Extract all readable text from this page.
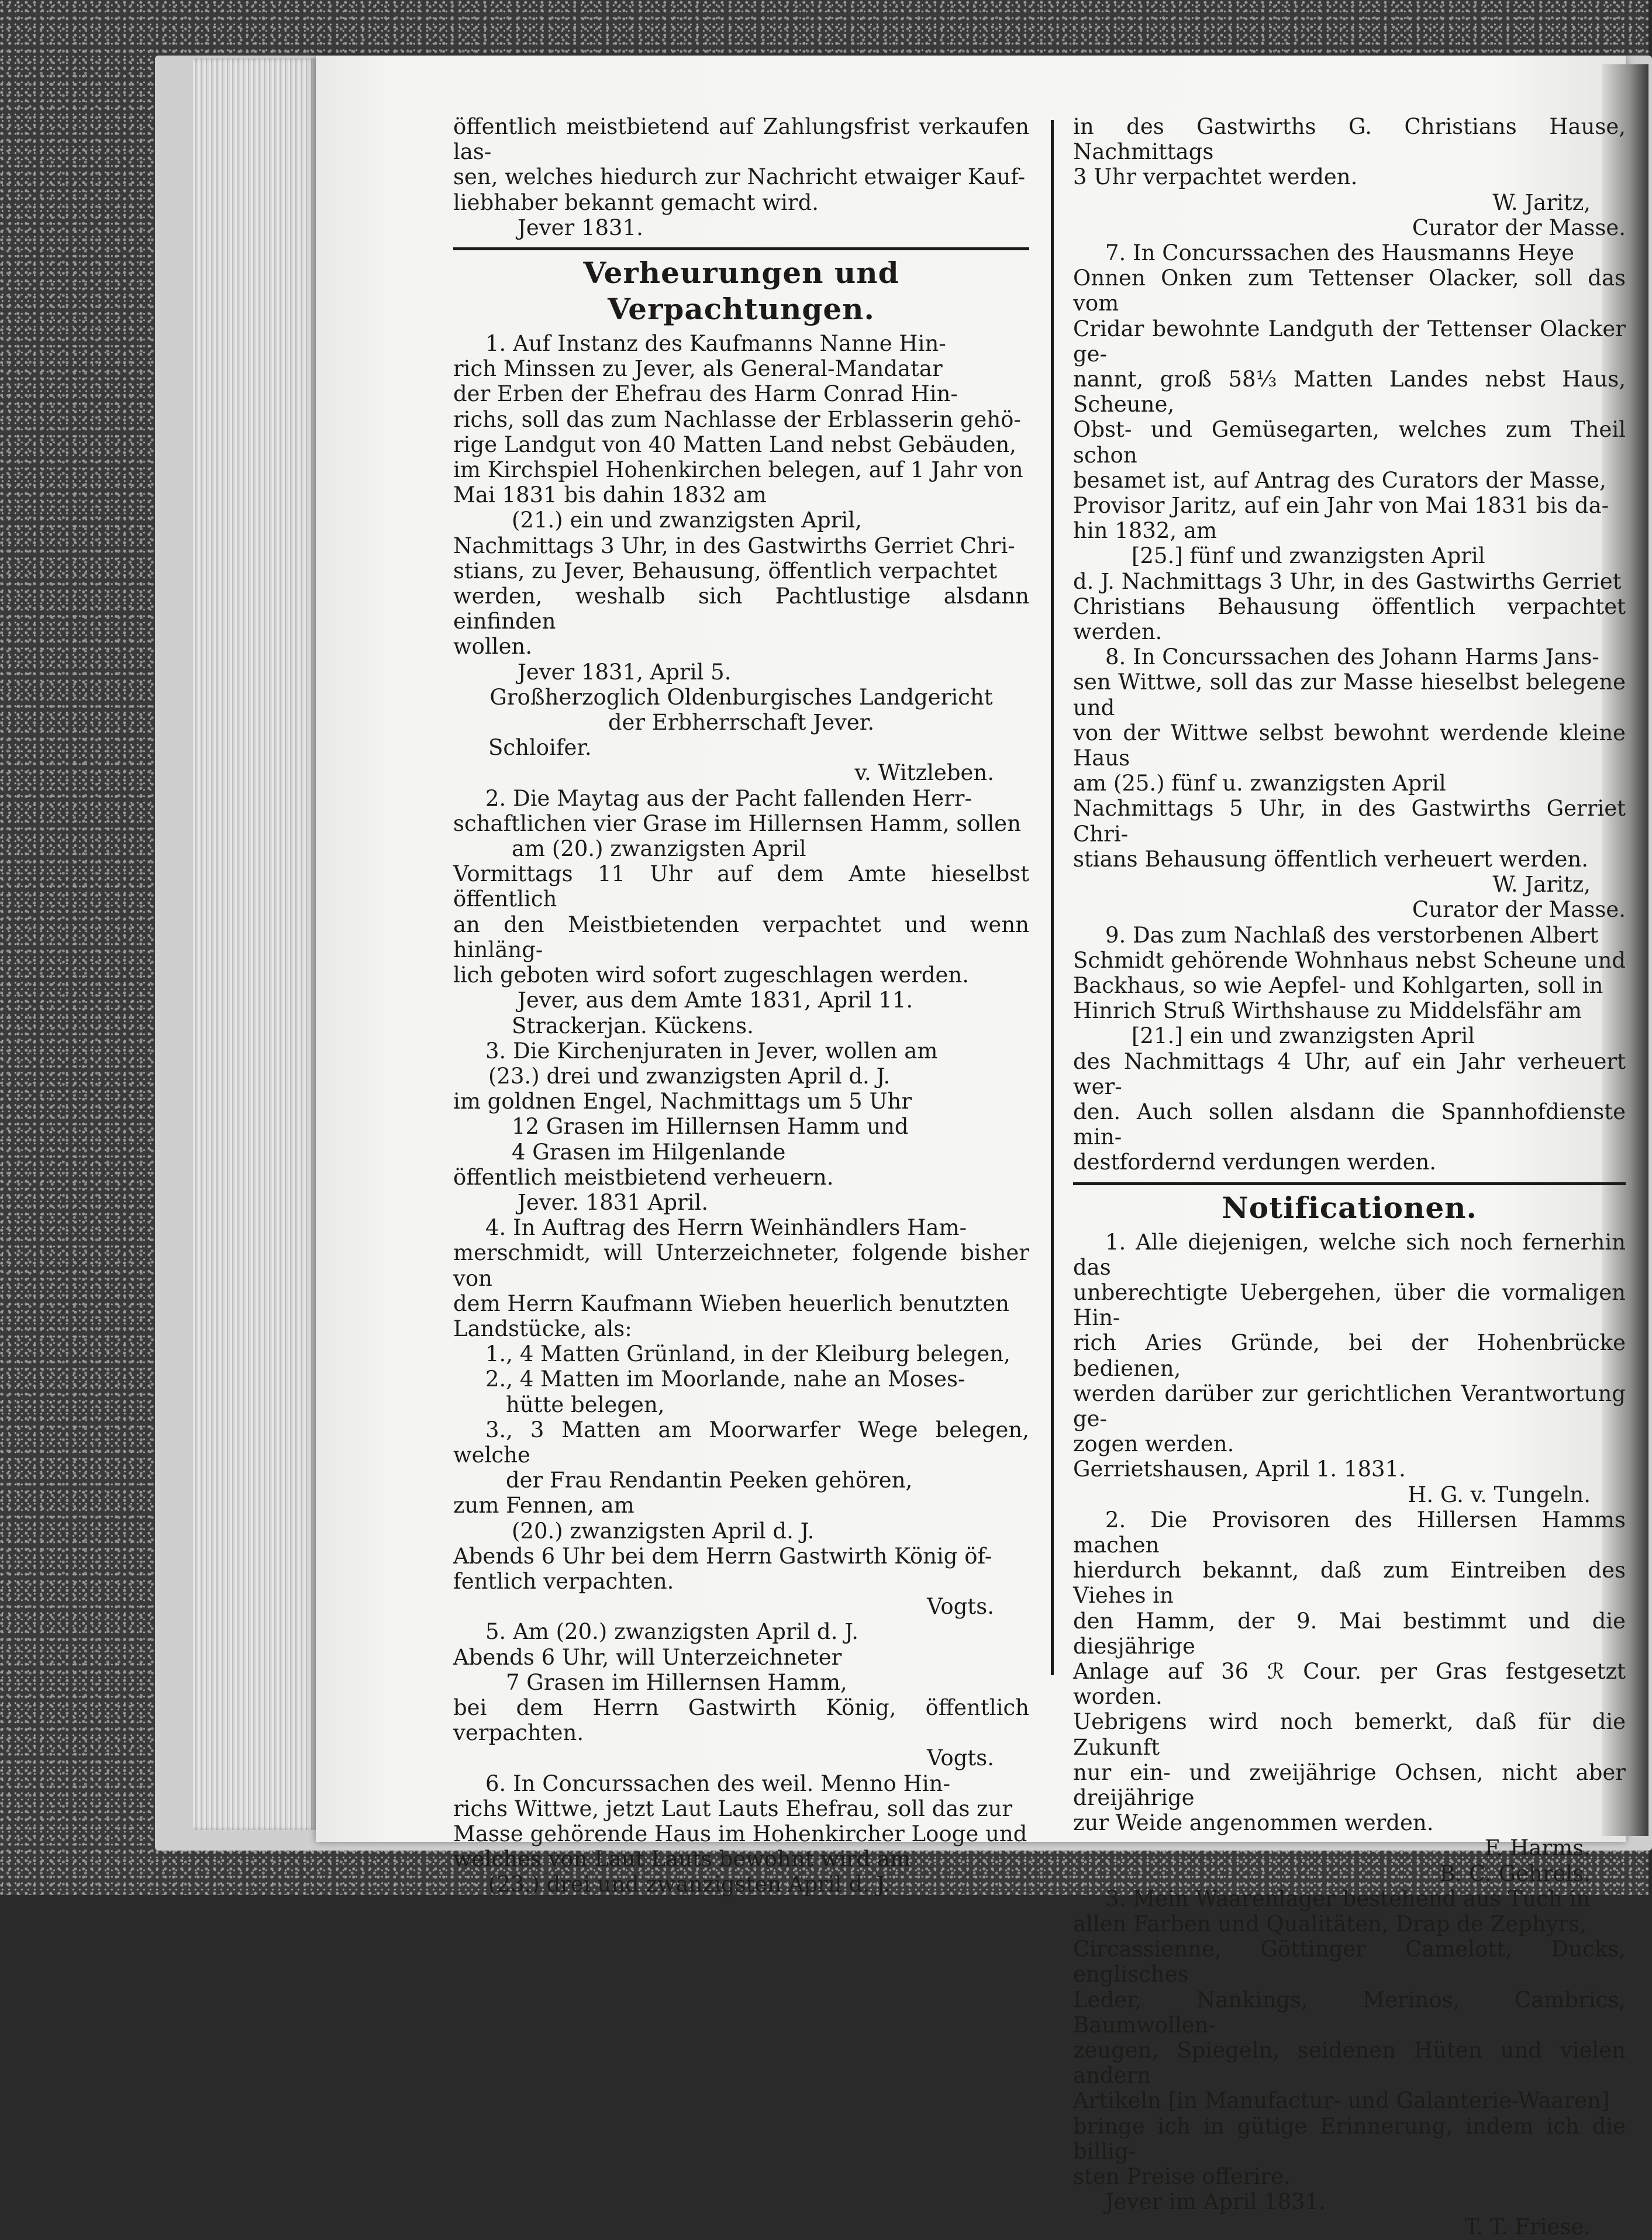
öffentlich meistbietend auf Zahlungsfrist verkaufen las-

sen, welches hiedurch zur Nachricht etwaiger Kauf-

liebhaber bekannt gemacht wird.

Jever 1831.

Verheurungen und Verpachtungen.

1. Auf Instanz des Kaufmanns Nanne Hin-

rich Minssen zu Jever, als General-Mandatar

der Erben der Ehefrau des Harm Conrad Hin-

richs, soll das zum Nachlasse der Erblasserin gehö-

rige Landgut von 40 Matten Land nebst Gebäuden,

im Kirchspiel Hohenkirchen belegen, auf 1 Jahr von

Mai 1831 bis dahin 1832 am

(21.) ein und zwanzigsten April,

Nachmittags 3 Uhr, in des Gastwirths Gerriet Chri-

stians, zu Jever, Behausung, öffentlich verpachtet

werden, weshalb sich Pachtlustige alsdann einfinden

wollen.

Jever 1831, April 5.

Großherzoglich Oldenburgisches Landgericht

der Erbherrschaft Jever.

Schloifer.

v. Witzleben.

2. Die Maytag aus der Pacht fallenden Herr-

schaftlichen vier Grase im Hillernsen Hamm, sollen

am (20.) zwanzigsten April

Vormittags 11 Uhr auf dem Amte hieselbst öffentlich

an den Meistbietenden verpachtet und wenn hinläng-

lich geboten wird sofort zugeschlagen werden.

Jever, aus dem Amte 1831, April 11.

Strackerjan. Kückens.

3. Die Kirchenjuraten in Jever, wollen am

(23.) drei und zwanzigsten April d. J.

im goldnen Engel, Nachmittags um 5 Uhr

12 Grasen im Hillernsen Hamm und

4 Grasen im Hilgenlande

öffentlich meistbietend verheuern.

Jever. 1831 April.

4. In Auftrag des Herrn Weinhändlers Ham-

merschmidt, will Unterzeichneter, folgende bisher von

dem Herrn Kaufmann Wieben heuerlich benutzten

Landstücke, als:

1., 4 Matten Grünland, in der Kleiburg belegen,

2., 4 Matten im Moorlande, nahe an Moses-

hütte belegen,

3., 3 Matten am Moorwarfer Wege belegen, welche

der Frau Rendantin Peeken gehören,

zum Fennen, am

(20.) zwanzigsten April d. J.

Abends 6 Uhr bei dem Herrn Gastwirth König öf-

fentlich verpachten.

Vogts.

5. Am (20.) zwanzigsten April d. J.

Abends 6 Uhr, will Unterzeichneter

7 Grasen im Hillernsen Hamm,

bei dem Herrn Gastwirth König, öffentlich verpachten.

Vogts.

6. In Concurssachen des weil. Menno Hin-

richs Wittwe, jetzt Laut Lauts Ehefrau, soll das zur

Masse gehörende Haus im Hohenkircher Looge und

welches von Laut Lauts bewohnt wird am

(23.) drei und zwanzigsten April d. J.

in des Gastwirths G. Christians Hause, Nachmittags

3 Uhr verpachtet werden.

W. Jaritz,

Curator der Masse.

7. In Concurssachen des Hausmanns Heye

Onnen Onken zum Tettenser Olacker, soll das vom

Cridar bewohnte Landguth der Tettenser Olacker ge-

nannt, groß 58⅓ Matten Landes nebst Haus, Scheune,

Obst- und Gemüsegarten, welches zum Theil schon

besamet ist, auf Antrag des Curators der Masse,

Provisor Jaritz, auf ein Jahr von Mai 1831 bis da-

hin 1832, am

[25.] fünf und zwanzigsten April

d. J. Nachmittags 3 Uhr, in des Gastwirths Gerriet

Christians Behausung öffentlich verpachtet werden.

8. In Concurssachen des Johann Harms Jans-

sen Wittwe, soll das zur Masse hieselbst belegene und

von der Wittwe selbst bewohnt werdende kleine Haus

am (25.) fünf u. zwanzigsten April

Nachmittags 5 Uhr, in des Gastwirths Gerriet Chri-

stians Behausung öffentlich verheuert werden.

W. Jaritz,

Curator der Masse.

9. Das zum Nachlaß des verstorbenen Albert

Schmidt gehörende Wohnhaus nebst Scheune und

Backhaus, so wie Aepfel- und Kohlgarten, soll in

Hinrich Struß Wirthshause zu Middelsfähr am

[21.] ein und zwanzigsten April

des Nachmittags 4 Uhr, auf ein Jahr verheuert wer-

den. Auch sollen alsdann die Spannhofdienste min-

destfordernd verdungen werden.

Notificationen.

1. Alle diejenigen, welche sich noch fernerhin das

unberechtigte Uebergehen, über die vormaligen Hin-

rich Aries Gründe, bei der Hohenbrücke bedienen,

werden darüber zur gerichtlichen Verantwortung ge-

zogen werden.

Gerrietshausen, April 1. 1831.

H. G. v. Tungeln.

2. Die Provisoren des Hillersen Hamms machen

hierdurch bekannt, daß zum Eintreiben des Viehes in

den Hamm, der 9. Mai bestimmt und die diesjährige

Anlage auf 36 ℛ Cour. per Gras festgesetzt worden.

Uebrigens wird noch bemerkt, daß für die Zukunft

nur ein- und zweijährige Ochsen, nicht aber dreijährige

zur Weide angenommen werden.

F. Harms.

B. C. Gehrels.

3. Mein Waarenlager bestehend aus Tuch in

allen Farben und Qualitäten, Drap de Zephyrs,

Circassienne, Göttinger Camelott, Ducks, englisches

Leder, Nankings, Merinos, Cambrics, Baumwollen-

zeugen, Spiegeln, seidenen Hüten und vielen andern

Artikeln [in Manufactur- und Galanterie-Waaren]

bringe ich in gütige Erinnerung, indem ich die billig-

sten Preise offerire.

Jever im April 1831.

T. T. Friese.
